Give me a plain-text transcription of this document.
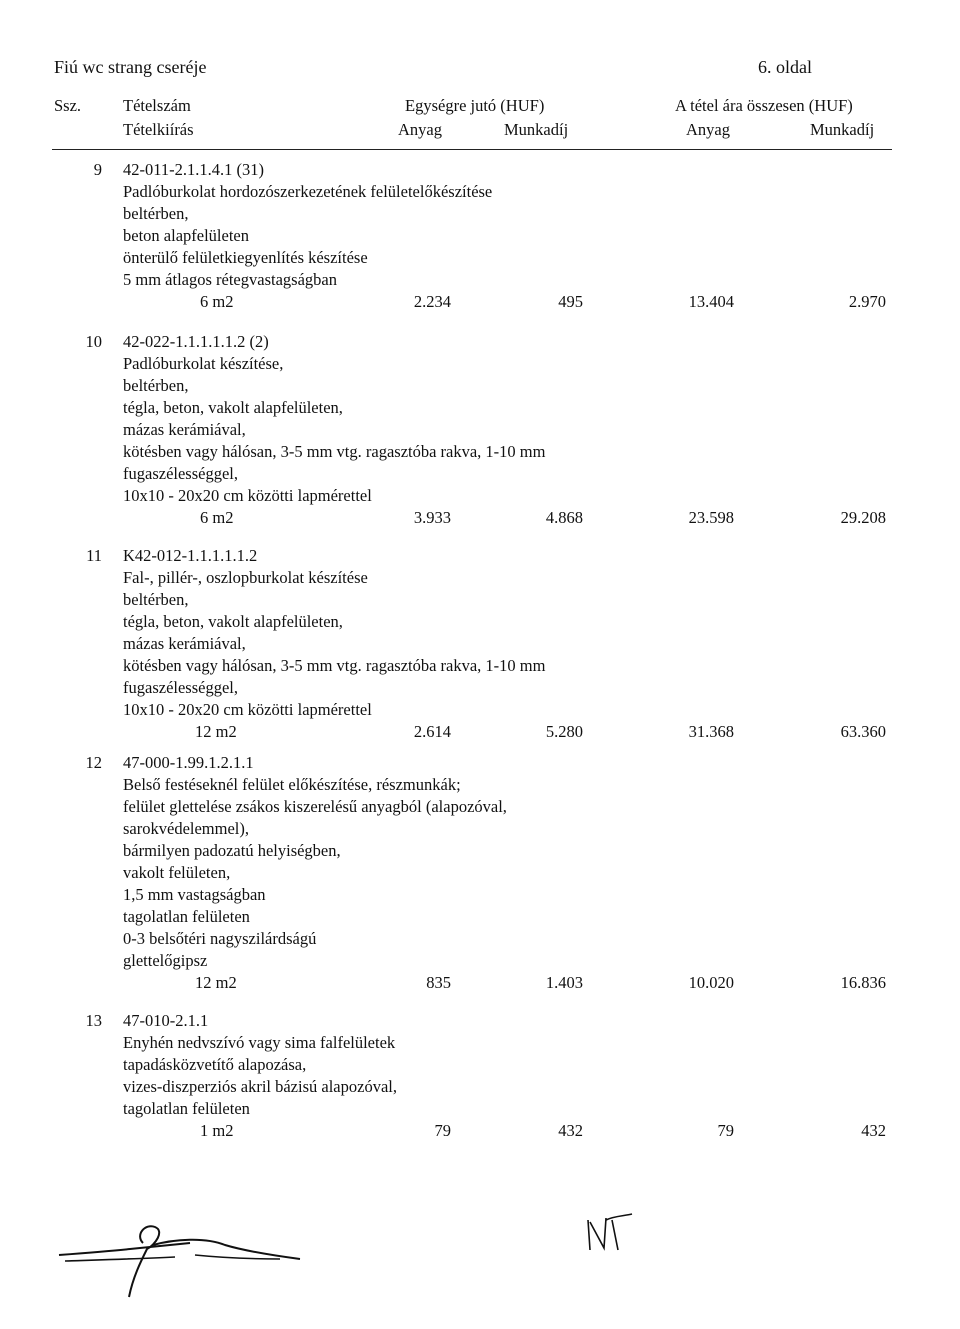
Fiú wc strang cseréje	6. oldal
Ssz.	Tételszám
Tételkiírás
Egységre jutó (HUF)	A tétel ára összesen (HUF)
Anyag	Munkadíj	Anyag	Munkadíj
9 42-011-2.1.1.4.1 (31)
Padlóburkolat hordozószerkezetének felületelőkészítése
beltérben,
beton alapfelületen
önterülő felületkiegyenlítés készítése
5 mm átlagos rétegvastagságban
6 m2	2.234	495	13.404	2.970
10 42-022-1.1.1.1.1.2 (2)
Padlóburkolat készítése,
beltérben,
tégla, beton, vakolt alapfelületen,
mázas kerámiával,
kötésben vagy hálósan, 3-5 mm vtg. ragasztóba rakva, 1-10 mm
fugaszélességgel,
10x10 - 20x20 cm közötti lapmérettel
6 m2	3.933	4.868	23.598	29.208
11 K42-012-1.1.1.1.1.2
Fal-, pillér-, oszlopburkolat készítése
beltérben,
tégla, beton, vakolt alapfelületen,
mázas kerámiával,
kötésben vagy hálósan, 3-5 mm vtg. ragasztóba rakva, 1-10 mm
fugaszélességgel,
10x10 - 20x20 cm közötti lapmérettel
12 m2	2.614	5.280	31.368	63.360
12 47-000-1.99.1.2.1.1
Belső festéseknél felület előkészítése, részmunkák;
felület glettelése zsákos kiszerelésű anyagból (alapozóval,
sarokvédelemmel),
bármilyen padozatú helyiségben,
vakolt felületen,
1,5 mm vastagságban
tagolatlan felületen
0-3 belsőtéri nagyszilárdságú
glettelőgipsz
12 m2	835	1.403	10.020	16.836
13 47-010-2.1.1
Enyhén nedvszívó vagy sima falfelületek
tapadásközvetítő alapozása,
vizes-diszperziós akril bázisú alapozóval,
tagolatlan felületen
1 m2	79	432	79	432
